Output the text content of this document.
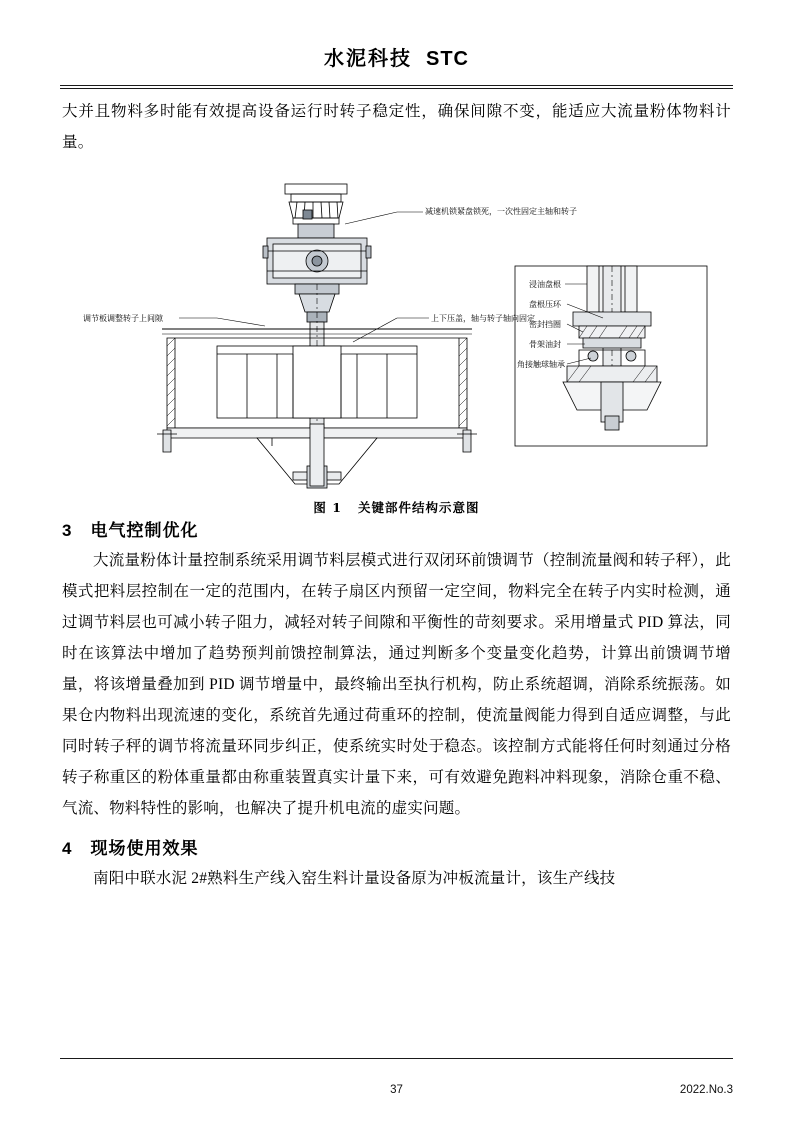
水泥科技 STC

大并且物料多时能有效提高设备运行时转子稳定性，确保间隙不变，能适应大流量粉体物料计量。

减速机锁紧盘锁死，一次性固定主轴和转子
调节板调整转子上间隙	上下压盖，轴与转子轴向固定
浸油盘根
盘根压环
密封挡圈
骨架油封
角接触球轴承
图 1 关键部件结构示意图
3 电气控制优化

大流量粉体计量控制系统采用调节料层模式进行双闭环前馈调节（控制流量阀和转子秤），此模式把料层控制在一定的范围内，在转子扇区内预留一定空间，物料完全在转子内实时检测，通过调节料层也可减小转子阻力，减轻对转子间隙和平衡性的苛刻要求。采用增量式 PID 算法，同时在该算法中增加了趋势预判前馈控制算法，通过判断多个变量变化趋势，计算出前馈调节增量，将该增量叠加到 PID 调节增量中，最终输出至执行机构，防止系统超调，消除系统振荡。如果仓内物料出现流速的变化，系统首先通过荷重环的控制，使流量阀能力得到自适应调整，与此同时转子秤的调节将流量环同步纠正，使系统实时处于稳态。该控制方式能将任何时刻通过分格转子称重区的粉体重量都由称重装置真实计量下来，可有效避免跑料冲料现象，消除仓重不稳、气流、物料特性的影响，也解决了提升机电流的虚实问题。

4 现场使用效果

南阳中联水泥 2#熟料生产线入窑生料计量设备原为冲板流量计，该生产线技

37	2022.No.3
